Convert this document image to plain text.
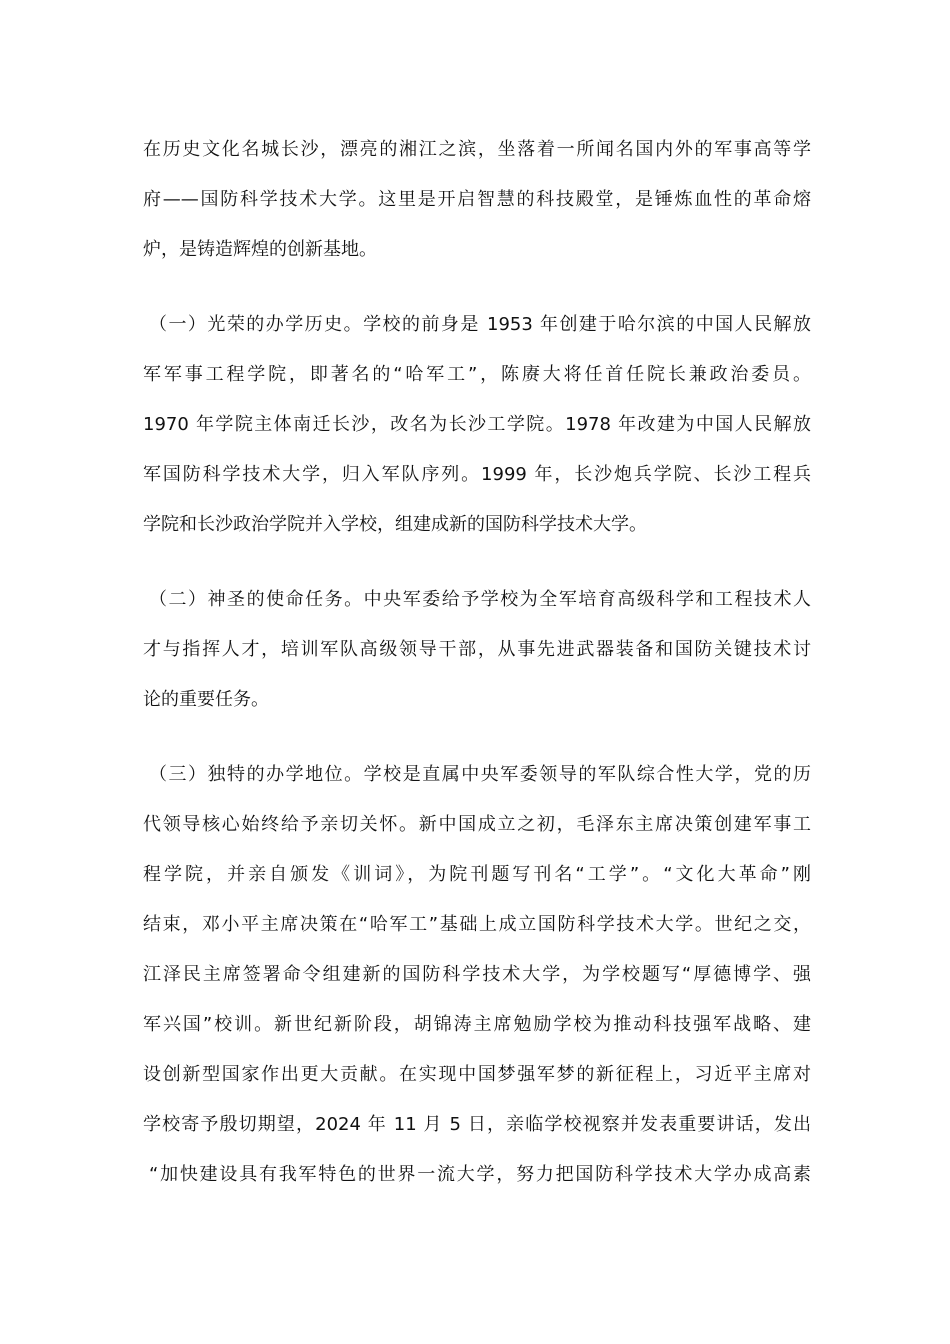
在历史文化名城长沙，漂亮的湘江之滨，坐落着一所闻名国内外的军事高等学
府——国防科学技术大学。这里是开启智慧的科技殿堂，是锤炼血性的革命熔
炉，是铸造辉煌的创新基地。
（一）光荣的办学历史。学校的前身是 1953 年创建于哈尔滨的中国人民解放
军军事工程学院，即著名的“哈军工”，陈赓大将任首任院长兼政治委员。
1970 年学院主体南迁长沙，改名为长沙工学院。1978 年改建为中国人民解放
军国防科学技术大学，归入军队序列。1999 年，长沙炮兵学院、长沙工程兵
学院和长沙政治学院并入学校，组建成新的国防科学技术大学。
（二）神圣的使命任务。中央军委给予学校为全军培育高级科学和工程技术人
才与指挥人才，培训军队高级领导干部，从事先进武器装备和国防关键技术讨
论的重要任务。
（三）独特的办学地位。学校是直属中央军委领导的军队综合性大学，党的历
代领导核心始终给予亲切关怀。新中国成立之初，毛泽东主席决策创建军事工
程学院，并亲自颁发《训词》，为院刊题写刊名“工学”。“文化大革命”刚
结束，邓小平主席决策在“哈军工”基础上成立国防科学技术大学。世纪之交，
江泽民主席签署命令组建新的国防科学技术大学，为学校题写“厚德博学、强
军兴国”校训。新世纪新阶段，胡锦涛主席勉励学校为推动科技强军战略、建
设创新型国家作出更大贡献。在实现中国梦强军梦的新征程上，习近平主席对
学校寄予殷切期望，2024 年 11 月 5 日，亲临学校视察并发表重要讲话，发出
“加快建设具有我军特色的世界一流大学，努力把国防科学技术大学办成高素
